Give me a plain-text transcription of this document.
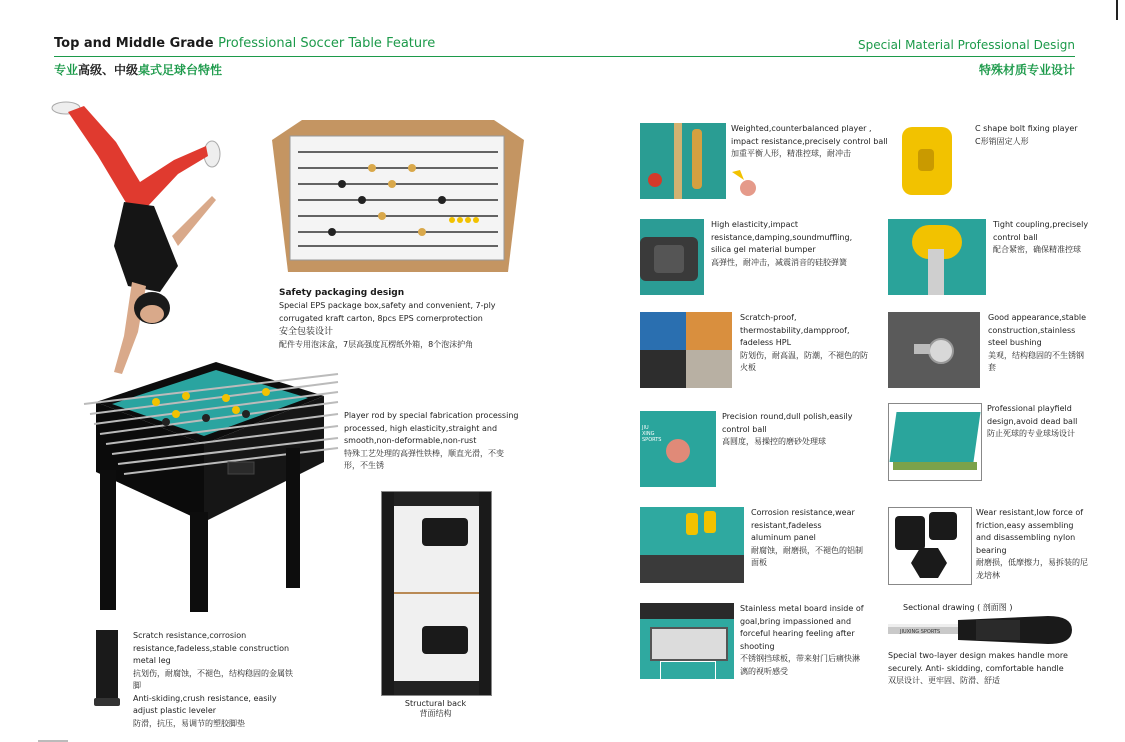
Top and Middle Grade Professional Soccer Table Feature	Special Material Professional Design
专业高级、中级桌式足球台特性	特殊材质专业设计

Scratch resistance,corrosion resistance,fadeless,stable construction metal leg

抗划伤，耐腐蚀，不褪色，结构稳固的金属铁脚

Anti-skiding,crush resistance, easily adjust plastic leveler

防滑，抗压，易调节的塑胶脚垫

Safety packaging design
Special EPS package box,safety and convenient, 7-ply corrugated kraft carton, 8pcs EPS cornerprotection
安全包装设计
配件专用泡沫盒，7层高强度瓦楞纸外箱，8个泡沫护角

Player rod by special fabrication processing processed, high elasticity,straight and smooth,non-deformable,non-rust

特殊工艺处理的高弹性铁棒，顺直光滑，不变形，不生锈

Structural back

背面结构

Weighted,counterbalanced player , impact resistance,precisely control ball

加重平衡人形，精准控球，耐冲击

High elasticity,impact resistance,damping,soundmuffling, silica gel material bumper

高弹性，耐冲击，减震消音的硅胶弹簧

Scratch-proof, thermostability,dampproof, fadeless HPL

防划伤，耐高温，防潮，不褪色的防火板

JIU XING SPORTS

Precision round,dull polish,easily control ball

高圆度，易操控的磨砂处理球

Corrosion resistance,wear resistant,fadeless aluminum panel

耐腐蚀，耐磨损，不褪色的铝制面板

Stainless metal board inside of goal,bring impassioned and forceful hearing feeling after shooting

不锈钢挡球板，带来射门后痛快淋漓的视听感受

C shape bolt fixing player

C形销固定人形

Tight coupling,precisely control ball

配合紧密，确保精准控球

Good appearance,stable construction,stainless steel bushing

美观，结构稳固的不生锈钢套

Professional playfield design,avoid dead ball

防止死球的专业球场设计

Wear resistant,low force of friction,easy assembling and disassembling nylon bearing

耐磨损，低摩擦力，易拆装的尼龙培林

Sectional drawing ( 剖面图 )
JIUXING SPORTS

Special two-layer design makes handle more securely. Anti- skidding, comfortable handle

双层设计、更牢固、防滑、舒适
